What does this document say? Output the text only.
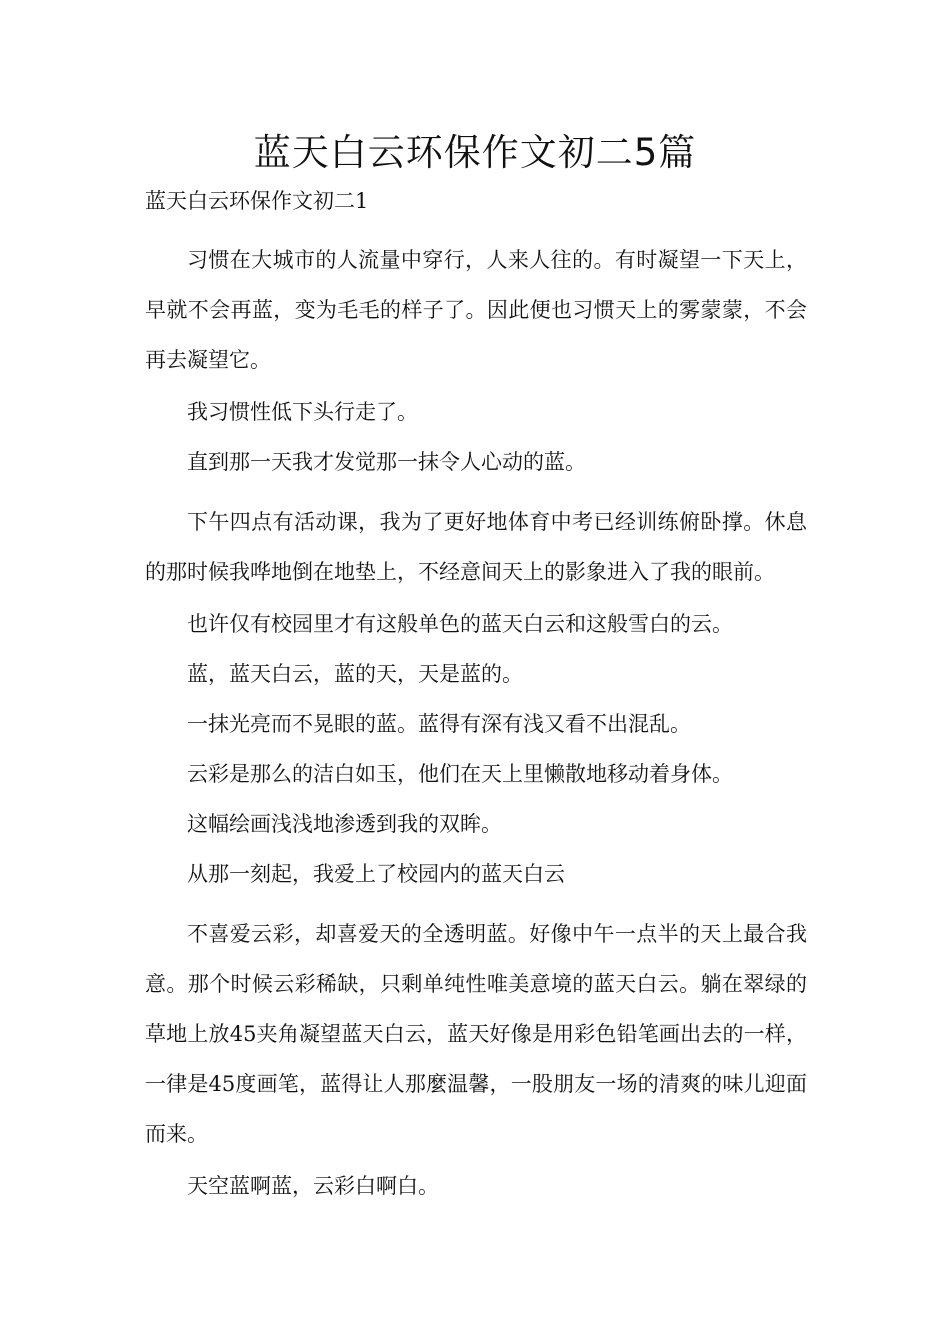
蓝天白云环保作文初二5篇
蓝天白云环保作文初二1

习惯在大城市的人流量中穿行，人来人往的。有时凝望一下天上，早就不会再蓝，变为毛毛的样子了。因此便也习惯天上的雾蒙蒙，不会再去凝望它。

我习惯性低下头行走了。

直到那一天我才发觉那一抹令人心动的蓝。

下午四点有活动课，我为了更好地体育中考已经训练俯卧撑。休息的那时候我哗地倒在地垫上，不经意间天上的影象进入了我的眼前。

也许仅有校园里才有这般单色的蓝天白云和这般雪白的云。

蓝，蓝天白云，蓝的天，天是蓝的。

一抹光亮而不晃眼的蓝。蓝得有深有浅又看不出混乱。

云彩是那么的洁白如玉，他们在天上里懒散地移动着身体。

这幅绘画浅浅地渗透到我的双眸。

从那一刻起，我爱上了校园内的蓝天白云

不喜爱云彩，却喜爱天的全透明蓝。好像中午一点半的天上最合我意。那个时候云彩稀缺，只剩单纯性唯美意境的蓝天白云。躺在翠绿的草地上放45夹角凝望蓝天白云，蓝天好像是用彩色铅笔画出去的一样，一律是45度画笔，蓝得让人那麼温馨，一股朋友一场的清爽的味儿迎面而来。

天空蓝啊蓝，云彩白啊白。
